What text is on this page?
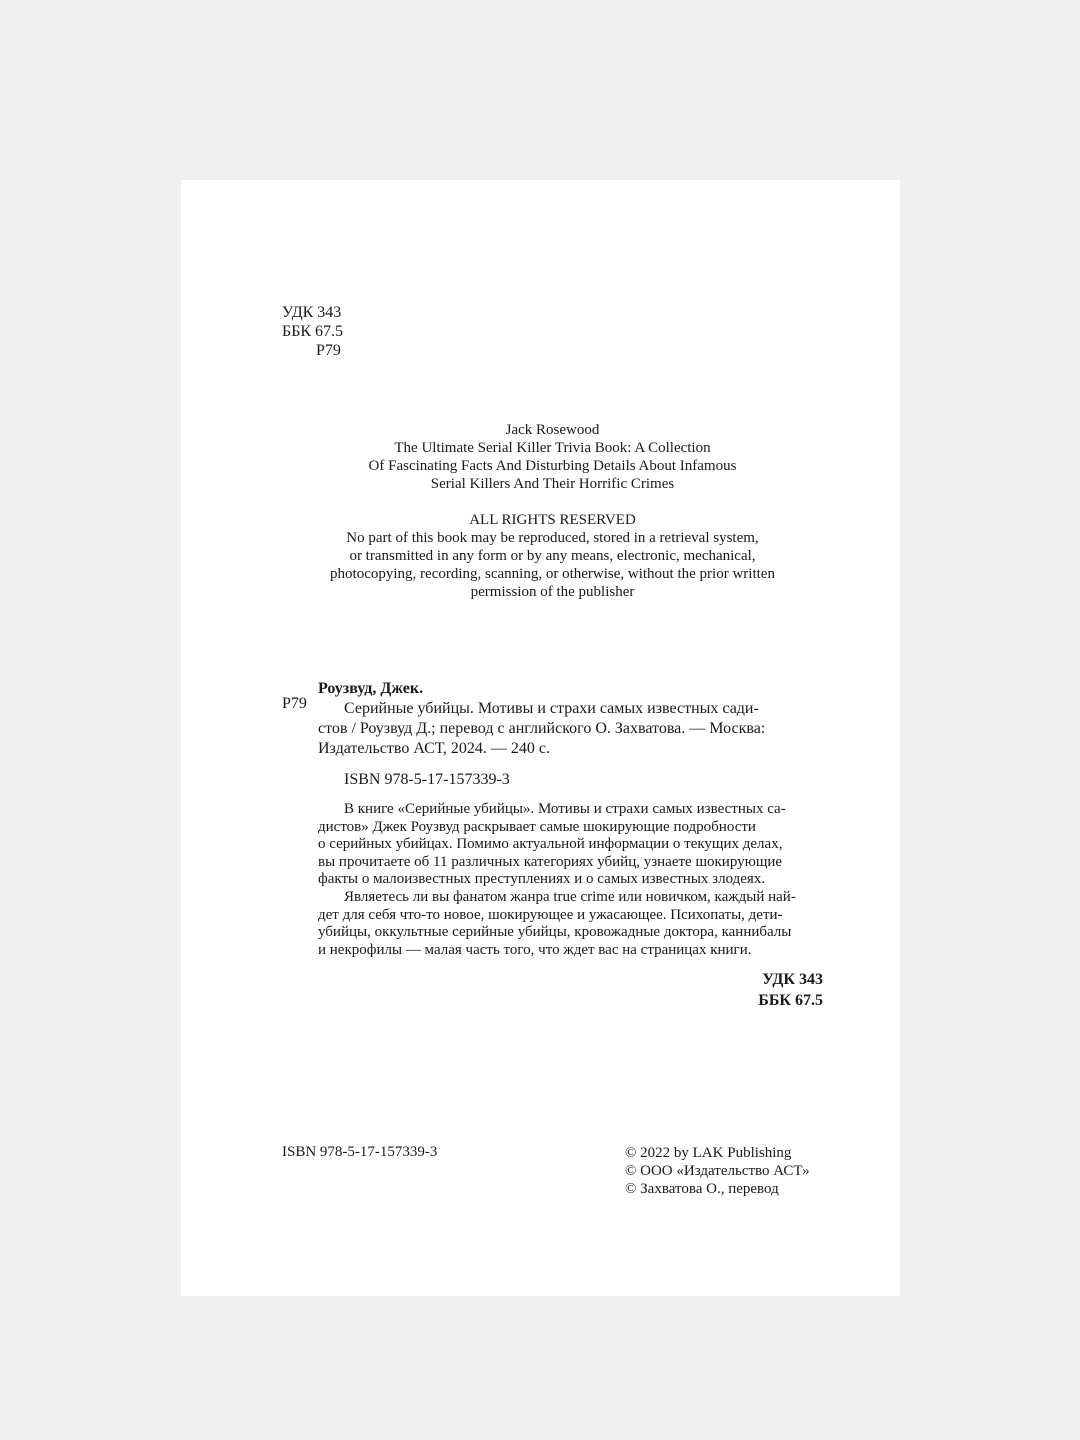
УДК 343
ББК 67.5
Р79
Jack Rosewood
The Ultimate Serial Killer Trivia Book: A Collection
Of Fascinating Facts And Disturbing Details About Infamous
Serial Killers And Their Horrific Crimes
ALL RIGHTS RESERVED
No part of this book may be reproduced, stored in a retrieval system,
or transmitted in any form or by any means, electronic, mechanical,
photocopying, recording, scanning, or otherwise, without the prior written
permission of the publisher
Р79
Роузвуд, Джек.
Серийные убийцы. Мотивы и страхи самых известных сади-
стов / Роузвуд Д.; перевод с английского О. Захватова. — Москва:
Издательство АСТ, 2024. — 240 с.
ISBN 978-5-17-157339-3
В книге «Серийные убийцы». Мотивы и страхи самых известных са-
дистов» Джек Роузвуд раскрывает самые шокирующие подробности
о серийных убийцах. Помимо актуальной информации о текущих делах,
вы прочитаете об 11 различных категориях убийц, узнаете шокирующие
факты о малоизвестных преступлениях и о самых известных злодеях.
Являетесь ли вы фанатом жанра true crime или новичком, каждый най-
дет для себя что-то новое, шокирующее и ужасающее. Психопаты, дети-
убийцы, оккультные серийные убийцы, кровожадные доктора, каннибалы
и некрофилы — малая часть того, что ждет вас на страницах книги.
УДК 343
ББК 67.5
ISBN 978-5-17-157339-3	© 2022 by LAK Publishing
© ООО «Издательство АСТ»
© Захватова О., перевод
